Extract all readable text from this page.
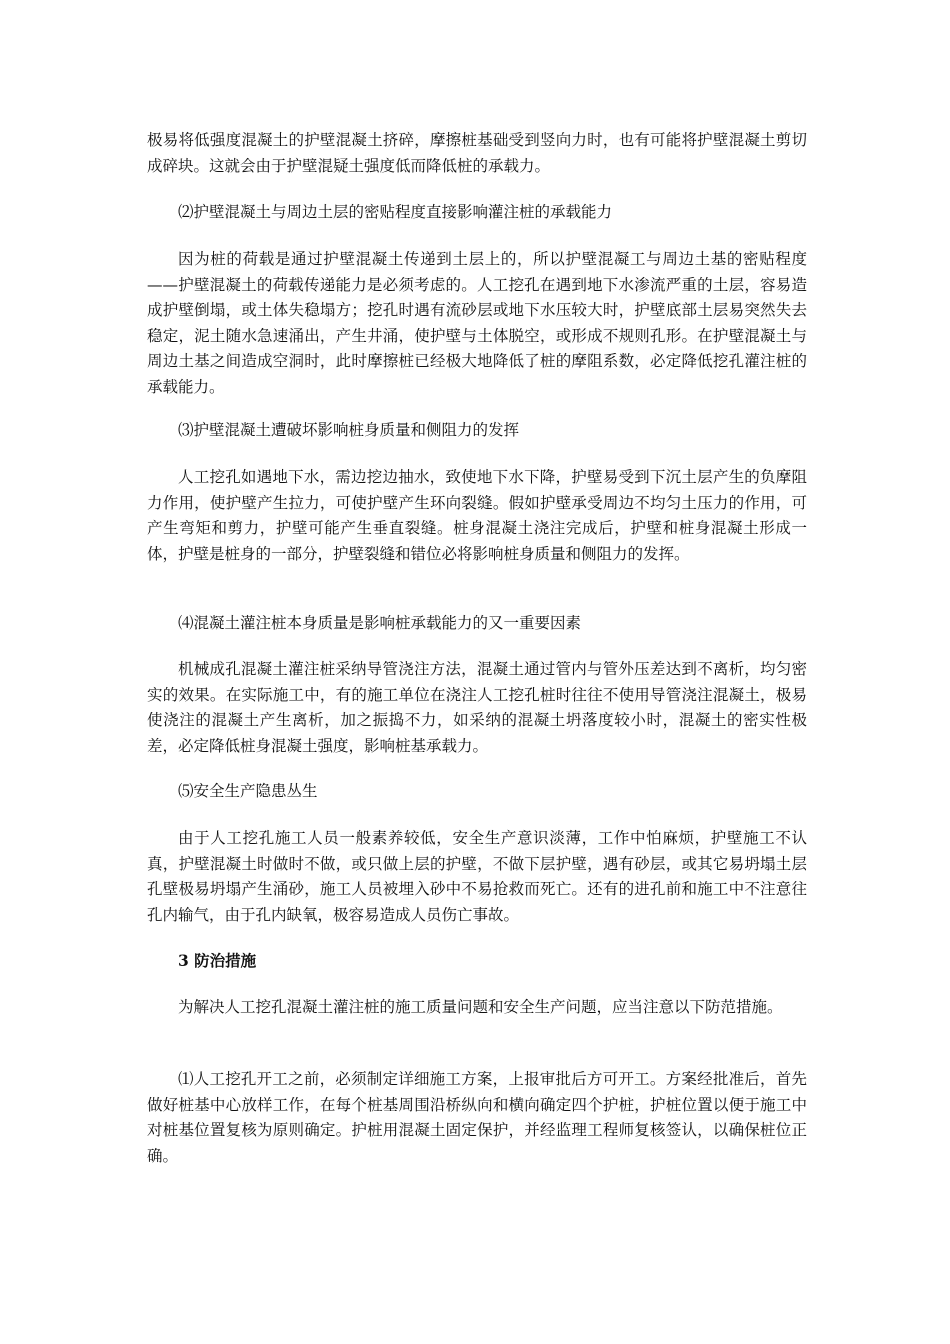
极易将低强度混凝土的护壁混凝土挤碎，摩擦桩基础受到竖向力时，也有可能将护壁混凝土剪切成碎块。这就会由于护壁混疑土强度低而降低桩的承载力。

⑵护壁混凝土与周边土层的密贴程度直接影响灌注桩的承载能力

因为桩的荷载是通过护壁混凝土传递到土层上的，所以护壁混凝工与周边土基的密贴程度——护壁混凝土的荷载传递能力是必须考虑的。人工挖孔在遇到地下水渗流严重的土层，容易造成护壁倒塌，或土体失稳塌方；挖孔时遇有流砂层或地下水压较大时，护壁底部土层易突然失去稳定，泥土随水急速涌出，产生井涌，使护壁与土体脱空，或形成不规则孔形。在护壁混凝土与周边土基之间造成空洞时，此时摩擦桩已经极大地降低了桩的摩阻系数，必定降低挖孔灌注桩的承载能力。

⑶护壁混凝土遭破坏影响桩身质量和侧阻力的发挥

人工挖孔如遇地下水，需边挖边抽水，致使地下水下降，护壁易受到下沉土层产生的负摩阻力作用，使护壁产生拉力，可使护壁产生环向裂缝。假如护壁承受周边不均匀土压力的作用，可产生弯矩和剪力，护壁可能产生垂直裂缝。桩身混凝土浇注完成后，护壁和桩身混凝土形成一体，护壁是桩身的一部分，护壁裂缝和错位必将影响桩身质量和侧阻力的发挥。

⑷混凝土灌注桩本身质量是影响桩承载能力的又一重要因素

机械成孔混凝土灌注桩采纳导管浇注方法，混凝土通过管内与管外压差达到不离析，均匀密实的效果。在实际施工中，有的施工单位在浇注人工挖孔桩时往往不使用导管浇注混凝土，极易使浇注的混凝土产生离析，加之振捣不力，如采纳的混凝土坍落度较小时，混凝土的密实性极差，必定降低桩身混凝土强度，影响桩基承载力。

⑸安全生产隐患丛生

由于人工挖孔施工人员一般素养较低，安全生产意识淡薄，工作中怕麻烦，护壁施工不认真，护壁混凝土时做时不做，或只做上层的护壁，不做下层护壁，遇有砂层，或其它易坍塌土层孔壁极易坍塌产生涌砂，施工人员被埋入砂中不易抢救而死亡。还有的进孔前和施工中不注意往孔内输气，由于孔内缺氧，极容易造成人员伤亡事故。

3 防治措施

为解决人工挖孔混凝土灌注桩的施工质量问题和安全生产问题，应当注意以下防范措施。

⑴人工挖孔开工之前，必须制定详细施工方案，上报审批后方可开工。方案经批准后，首先做好桩基中心放样工作，在每个桩基周围沿桥纵向和横向确定四个护桩，护桩位置以便于施工中对桩基位置复核为原则确定。护桩用混凝土固定保护，并经监理工程师复核签认，以确保桩位正确。
